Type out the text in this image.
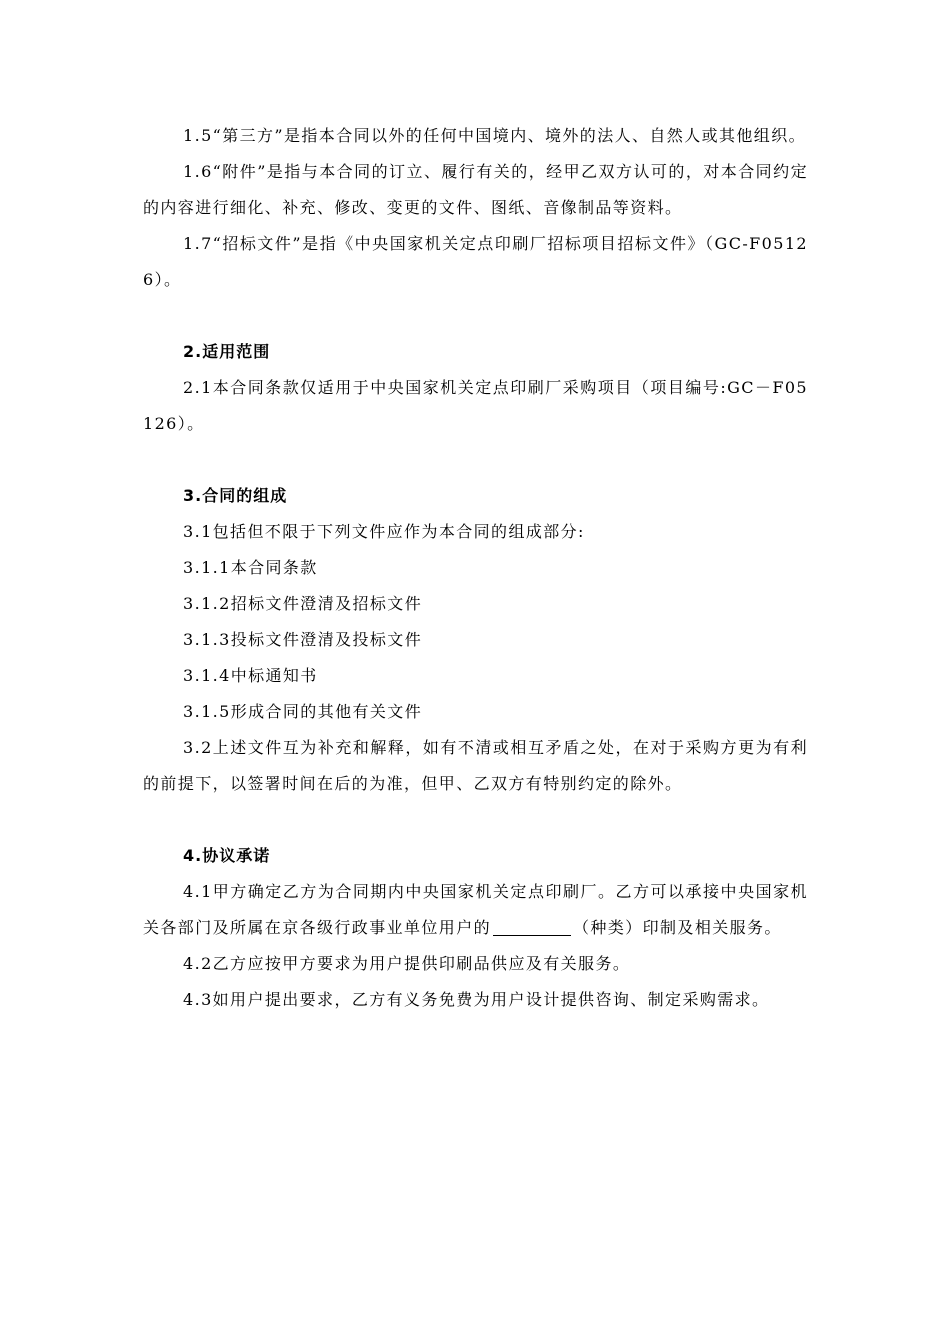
1.5“第三方”是指本合同以外的任何中国境内、境外的法人、自然人或其他组织。

1.6“附件”是指与本合同的订立、履行有关的，经甲乙双方认可的，对本合同约定的内容进行细化、补充、修改、变更的文件、图纸、音像制品等资料。

1.7“招标文件”是指《中央国家机关定点印刷厂招标项目招标文件》（GC-F05126）。

2.适用范围

2.1本合同条款仅适用于中央国家机关定点印刷厂采购项目（项目编号:GC－F05126）。

3.合同的组成

3.1包括但不限于下列文件应作为本合同的组成部分:

3.1.1本合同条款

3.1.2招标文件澄清及招标文件

3.1.3投标文件澄清及投标文件

3.1.4中标通知书

3.1.5形成合同的其他有关文件

3.2上述文件互为补充和解释，如有不清或相互矛盾之处，在对于采购方更为有利的前提下，以签署时间在后的为准，但甲、乙双方有特别约定的除外。

4.协议承诺

4.1甲方确定乙方为合同期内中央国家机关定点印刷厂。乙方可以承接中央国家机关各部门及所属在京各级行政事业单位用户的	（种类）印制及相关服务。

4.2乙方应按甲方要求为用户提供印刷品供应及有关服务。

4.3如用户提出要求，乙方有义务免费为用户设计提供咨询、制定采购需求。
